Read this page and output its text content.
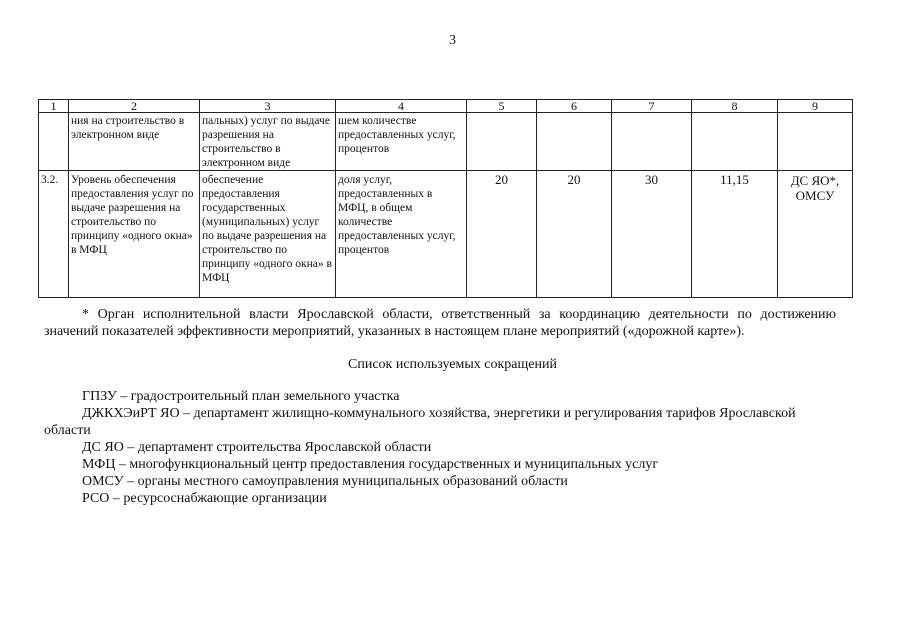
3
1	2	3	4	5	6	7	8	9
	ния на строительство в электронном виде	пальных) услуг по выдаче разрешения на строительство в электронном виде	шем количестве предоставленных услуг, процентов					
3.2.	Уровень обеспечения предоставления услуг по выдаче разрешения на строительство по принципу «одного окна» в МФЦ	обеспечение предоставления государственных (муниципальных) услуг по выдаче разрешения на строительство по принципу «одного окна» в МФЦ	доля услуг, предоставленных в МФЦ, в общем количестве предоставленных услуг, процентов	20	20	30	11,15	ДС ЯО*, ОМСУ
* Орган исполнительной власти Ярославской области, ответственный за координацию деятельности по достижению значений показателей эффективности мероприятий, указанных в настоящем плане мероприятий («дорожной карте»).
Список используемых сокращений
ГПЗУ – градостроительный план земельного участка
ДЖКХЭиРТ ЯО – департамент жилищно-коммунального хозяйства, энергетики и регулирования тарифов Ярославской области
ДС ЯО – департамент строительства Ярославской области
МФЦ – многофункциональный центр предоставления государственных и муниципальных услуг
ОМСУ – органы местного самоуправления муниципальных образований области
РСО – ресурсоснабжающие организации
